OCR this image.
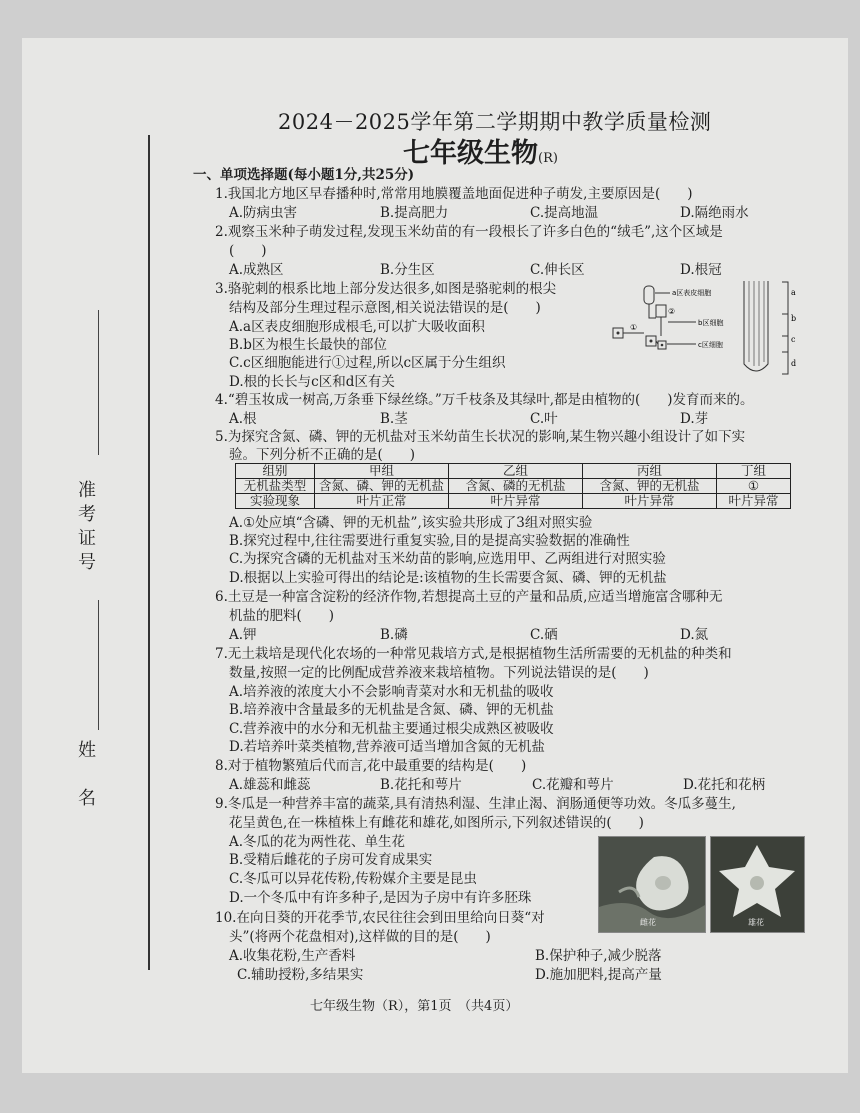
准考证号
姓　名
2024－2025学年第二学期期中教学质量检测
七年级生物(R)
一、单项选择题(每小题1分,共25分)
1.我国北方地区早春播种时,常常用地膜覆盖地面促进种子萌发,主要原因是(　　)
A.防病虫害	B.提高肥力	C.提高地温	D.隔绝雨水
2.观察玉米种子萌发过程,发现玉米幼苗的有一段根长了许多白色的“绒毛”,这个区域是
(　　)
A.成熟区	B.分生区	C.伸长区	D.根冠
3.骆驼刺的根系比地上部分发达很多,如图是骆驼刺的根尖
结构及部分生理过程示意图,相关说法错误的是(　　)
A.a区表皮细胞形成根毛,可以扩大吸收面积
B.b区为根生长最快的部位
C.c区细胞能进行①过程,所以c区属于分生组织
D.根的长长与c区和d区有关
a区表皮细胞
b区细胞
c区细胞
①
②
a
b
c
d
4.“碧玉妆成一树高,万条垂下绿丝绦。”万千枝条及其绿叶,都是由植物的(　　)发育而来的。
A.根	B.茎	C.叶	D.芽
5.为探究含氮、磷、钾的无机盐对玉米幼苗生长状况的影响,某生物兴趣小组设计了如下实
验。下列分析不正确的是(　　)
组别	甲组	乙组	丙组	丁组
无机盐类型	含氮、磷、钾的无机盐	含氮、磷的无机盐	含氮、钾的无机盐	①
实验现象	叶片正常	叶片异常	叶片异常	叶片异常
A.①处应填“含磷、钾的无机盐”,该实验共形成了3组对照实验
B.探究过程中,往往需要进行重复实验,目的是提高实验数据的准确性
C.为探究含磷的无机盐对玉米幼苗的影响,应选用甲、乙两组进行对照实验
D.根据以上实验可得出的结论是:该植物的生长需要含氮、磷、钾的无机盐
6.土豆是一种富含淀粉的经济作物,若想提高土豆的产量和品质,应适当增施富含哪种无
机盐的肥料(　　)
A.钾	B.磷	C.硒	D.氮
7.无土栽培是现代化农场的一种常见栽培方式,是根据植物生活所需要的无机盐的种类和
数量,按照一定的比例配成营养液来栽培植物。下列说法错误的是(　　)
A.培养液的浓度大小不会影响青菜对水和无机盐的吸收
B.培养液中含量最多的无机盐是含氮、磷、钾的无机盐
C.营养液中的水分和无机盐主要通过根尖成熟区被吸收
D.若培养叶菜类植物,营养液可适当增加含氮的无机盐
8.对于植物繁殖后代而言,花中最重要的结构是(　　)
A.雄蕊和雌蕊	B.花托和萼片	C.花瓣和萼片	D.花托和花柄
9.冬瓜是一种营养丰富的蔬菜,具有清热利湿、生津止渴、润肠通便等功效。冬瓜多蔓生,
花呈黄色,在一株植株上有雌花和雄花,如图所示,下列叙述错误的(　　)
A.冬瓜的花为两性花、单生花
B.受精后雌花的子房可发育成果实
C.冬瓜可以异花传粉,传粉媒介主要是昆虫
D.一个冬瓜中有许多种子,是因为子房中有许多胚珠
雌花	雄花
10.在向日葵的开花季节,农民往往会到田里给向日葵“对
头”(将两个花盘相对),这样做的目的是(　　)
A.收集花粉,生产香料	B.保护种子,减少脱落
C.辅助授粉,多结果实	D.施加肥料,提高产量
七年级生物（R），第1页　（共4页）
